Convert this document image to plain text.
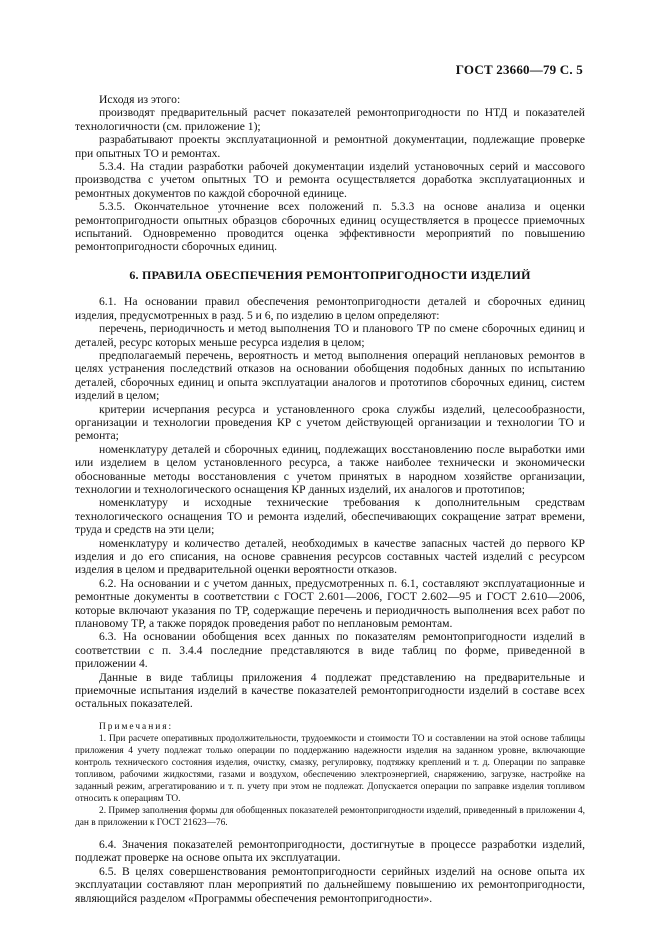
ГОСТ 23660—79 С. 5

Исходя из этого:

производят предварительный расчет показателей ремонтопригодности по НТД и показателей технологичности (см. приложение 1);

разрабатывают проекты эксплуатационной и ремонтной документации, подлежащие проверке при опытных ТО и ремонтах.

5.3.4. На стадии разработки рабочей документации изделий установочных серий и массового производства с учетом опытных ТО и ремонта осуществляется доработка эксплуатационных и ремонтных документов по каждой сборочной единице.

5.3.5. Окончательное уточнение всех положений п. 5.3.3 на основе анализа и оценки ремонтопригодности опытных образцов сборочных единиц осуществляется в процессе приемочных испытаний. Одновременно проводится оценка эффективности мероприятий по повышению ремонтопригодности сборочных единиц.

6. ПРАВИЛА ОБЕСПЕЧЕНИЯ РЕМОНТОПРИГОДНОСТИ ИЗДЕЛИЙ

6.1. На основании правил обеспечения ремонтопригодности деталей и сборочных единиц изделия, предусмотренных в разд. 5 и 6, по изделию в целом определяют:

перечень, периодичность и метод выполнения ТО и планового ТР по смене сборочных единиц и деталей, ресурс которых меньше ресурса изделия в целом;

предполагаемый перечень, вероятность и метод выполнения операций неплановых ремонтов в целях устранения последствий отказов на основании обобщения подобных данных по испытанию деталей, сборочных единиц и опыта эксплуатации аналогов и прототипов сборочных единиц, систем изделий в целом;

критерии исчерпания ресурса и установленного срока службы изделий, целесообразности, организации и технологии проведения КР с учетом действующей организации и технологии ТО и ремонта;

номенклатуру деталей и сборочных единиц, подлежащих восстановлению после выработки ими или изделием в целом установленного ресурса, а также наиболее технически и экономически обоснованные методы восстановления с учетом принятых в народном хозяйстве организации, технологии и технологического оснащения КР данных изделий, их аналогов и прототипов;

номенклатуру и исходные технические требования к дополнительным средствам технологического оснащения ТО и ремонта изделий, обеспечивающих сокращение затрат времени, труда и средств на эти цели;

номенклатуру и количество деталей, необходимых в качестве запасных частей до первого КР изделия и до его списания, на основе сравнения ресурсов составных частей изделий с ресурсом изделия в целом и предварительной оценки вероятности отказов.

6.2. На основании и с учетом данных, предусмотренных п. 6.1, составляют эксплуатационные и ремонтные документы в соответствии с ГОСТ 2.601—2006, ГОСТ 2.602—95 и ГОСТ 2.610—2006, которые включают указания по ТР, содержащие перечень и периодичность выполнения всех работ по плановому ТР, а также порядок проведения работ по неплановым ремонтам.

6.3. На основании обобщения всех данных по показателям ремонтопригодности изделий в соответствии с п. 3.4.4 последние представляются в виде таблиц по форме, приведенной в приложении 4.

Данные в виде таблицы приложения 4 подлежат представлению на предварительные и приемочные испытания изделий в качестве показателей ремонтопригодности изделий в составе всех остальных показателей.

Примечания:

1. При расчете оперативных продолжительности, трудоемкости и стоимости ТО и составлении на этой основе таблицы приложения 4 учету подлежат только операции по поддержанию надежности изделия на заданном уровне, включающие контроль технического состояния изделия, очистку, смазку, регулировку, подтяжку креплений и т. д. Операции по заправке топливом, рабочими жидкостями, газами и воздухом, обеспечению электроэнергией, снаряжению, загрузке, настройке на заданный режим, агрегатированию и т. п. учету при этом не подлежат. Допускается операции по заправке изделия топливом относить к операциям ТО.

2. Пример заполнения формы для обобщенных показателей ремонтопригодности изделий, приведенный в приложении 4, дан в приложении к ГОСТ 21623—76.

6.4. Значения показателей ремонтопригодности, достигнутые в процессе разработки изделий, подлежат проверке на основе опыта их эксплуатации.

6.5. В целях совершенствования ремонтопригодности серийных изделий на основе опыта их эксплуатации составляют план мероприятий по дальнейшему повышению их ремонтопригодности, являющийся разделом «Программы обеспечения ремонтопригодности».
